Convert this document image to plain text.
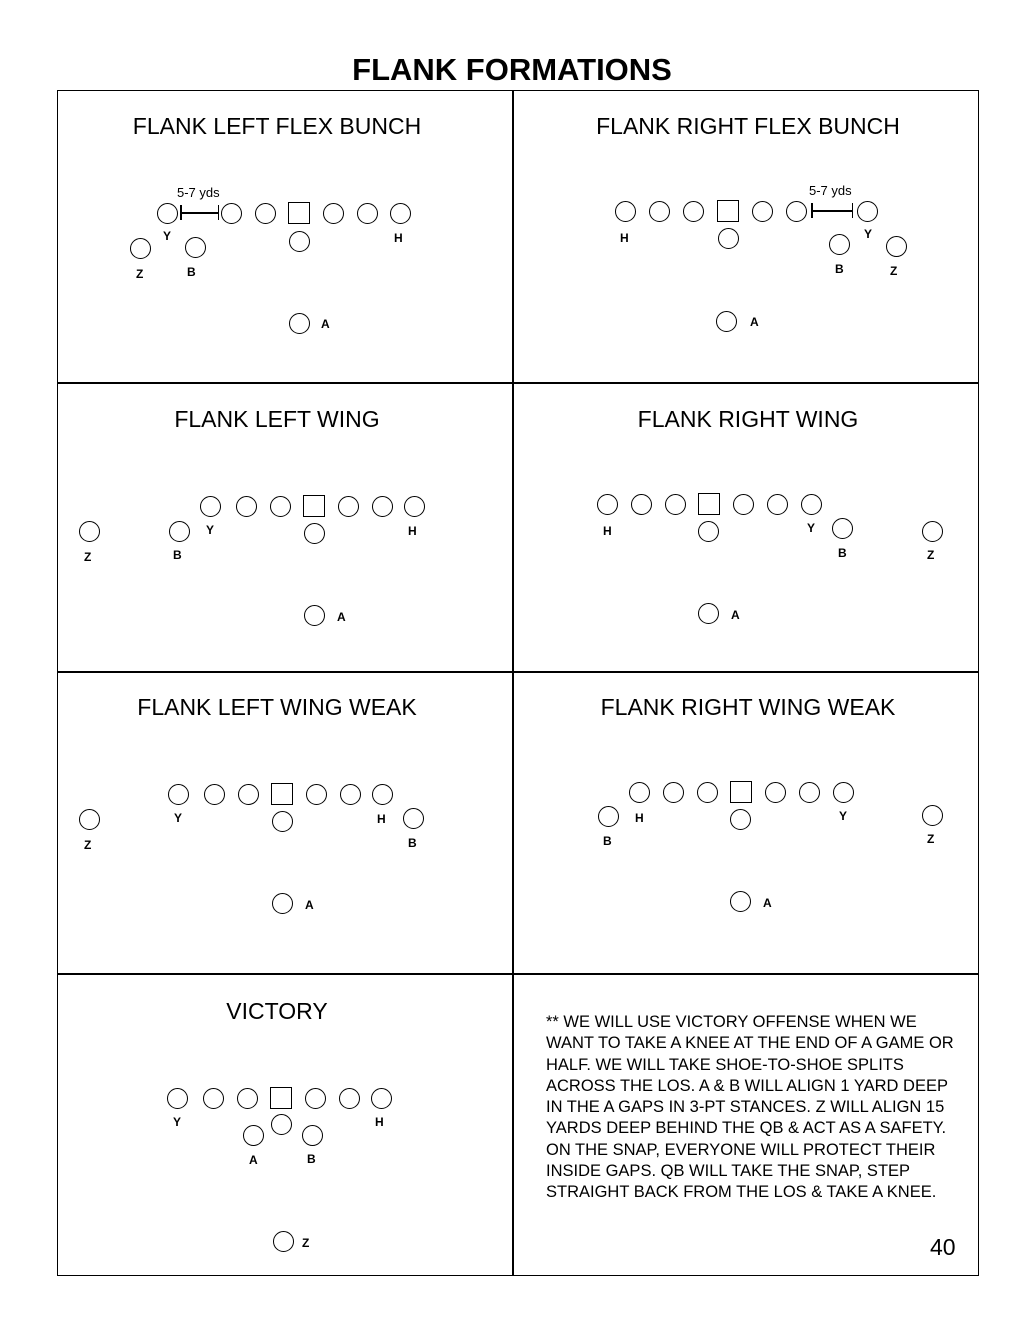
FLANK FORMATIONS
FLANK LEFT FLEX BUNCH
5-7 yds
Y	H
Z	B
A
FLANK RIGHT FLEX BUNCH
5-7 yds
H	Y
B	Z
A
FLANK LEFT WING
Y	H
Z	B
A
FLANK RIGHT WING
H	Y
B	Z
A
FLANK LEFT WING WEAK
Y	H
Z	B
A
FLANK RIGHT WING WEAK
H	Y
B	Z
A
VICTORY
Y	H
A	B
Z
** WE WILL USE VICTORY OFFENSE WHEN WE WANT TO TAKE A KNEE AT THE END OF A GAME OR HALF. WE WILL TAKE SHOE-TO-SHOE SPLITS ACROSS THE LOS. A & B WILL ALIGN 1 YARD DEEP IN THE A GAPS IN 3-PT STANCES. Z WILL ALIGN 15 YARDS DEEP BEHIND THE QB & ACT AS A SAFETY. ON THE SNAP, EVERYONE WILL PROTECT THEIR INSIDE GAPS. QB WILL TAKE THE SNAP, STEP STRAIGHT BACK FROM THE LOS & TAKE A KNEE.
40
